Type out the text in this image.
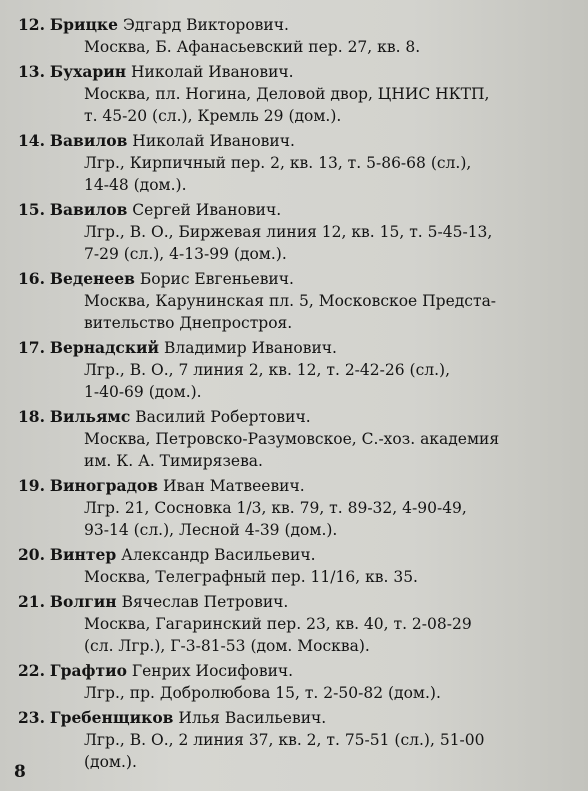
12. Брицке Эдгард Викторович.
Москва, Б. Афанасьевский пер. 27, кв. 8.
13. Бухарин Николай Иванович.
Москва, пл. Ногина, Деловой двор, ЦНИС НКТП,
т. 45-20 (сл.), Кремль 29 (дом.).
14. Вавилов Николай Иванович.
Лгр., Кирпичный пер. 2, кв. 13, т. 5-86-68 (сл.),
14-48 (дом.).
15. Вавилов Сергей Иванович.
Лгр., В. О., Биржевая линия 12, кв. 15, т. 5-45-13,
7-29 (сл.), 4-13-99 (дом.).
16. Веденеев Борис Евгеньевич.
Москва, Карунинская пл. 5, Московское Предста-
вительство Днепростроя.
17. Вернадский Владимир Иванович.
Лгр., В. О., 7 линия 2, кв. 12, т. 2-42-26 (сл.),
1-40-69 (дом.).
18. Вильямс Василий Робертович.
Москва, Петровско-Разумовское, С.-хоз. академия
им. К. А. Тимирязева.
19. Виноградов Иван Матвеевич.
Лгр. 21, Сосновка 1/3, кв. 79, т. 89-32, 4-90-49,
93-14 (сл.), Лесной 4-39 (дом.).
20. Винтер Александр Васильевич.
Москва, Телеграфный пер. 11/16, кв. 35.
21. Волгин Вячеслав Петрович.
Москва, Гагаринский пер. 23, кв. 40, т. 2-08-29
(сл. Лгр.), Г-3-81-53 (дом. Москва).
22. Графтио Генрих Иосифович.
Лгр., пр. Добролюбова 15, т. 2-50-82 (дом.).
23. Гребенщиков Илья Васильевич.
Лгр., В. О., 2 линия 37, кв. 2, т. 75-51 (сл.), 51-00
(дом.).
8
